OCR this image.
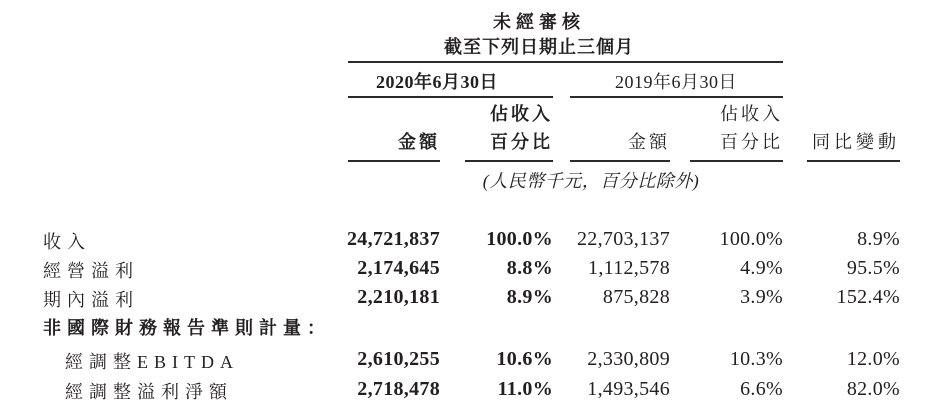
未經審核
截至下列日期止三個月
2020年6月30日	2019年6月30日
佔收入	佔收入
金額	百分比	金額	百分比	同比變動
(人民幣千元，百分比除外)
收入	24,721,837	100.0%	22,703,137	100.0%	8.9%
經營溢利	2,174,645	8.8%	1,112,578	4.9%	95.5%
期內溢利	2,210,181	8.9%	875,828	3.9%	152.4%
非國際財務報告準則計量：
經調整EBITDA	2,610,255	10.6%	2,330,809	10.3%	12.0%
經調整溢利淨額	2,718,478	11.0%	1,493,546	6.6%	82.0%
